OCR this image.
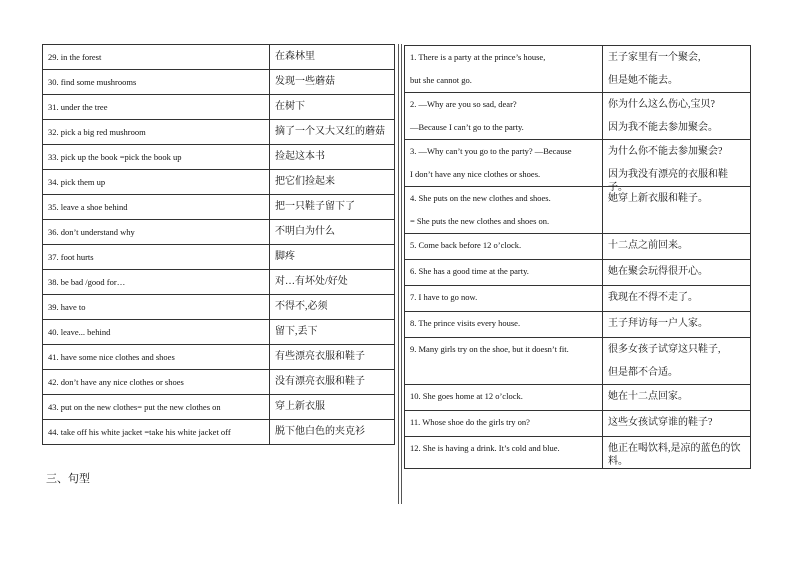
29. in the forest	在森林里
30. find some mushrooms	发现一些蘑菇
31. under the tree	在树下
32. pick a big red mushroom	摘了一个又大又红的蘑菇
33. pick up the book =pick the book up	捡起这本书
34. pick them up	把它们捡起来
35. leave a shoe behind	把一只鞋子留下了
36. don’t understand why	不明白为什么
37. foot hurts	脚疼
38. be bad /good for…	对…有坏处/好处
39. have to	不得不,必须
40. leave... behind	留下,丢下
41. have some nice clothes and shoes	有些漂亮衣服和鞋子
42. don’t have any nice clothes or shoes	没有漂亮衣服和鞋子
43. put on the new clothes= put the new clothes on	穿上新衣服
44. take off his white jacket =take his white jacket off	脱下他白色的夹克衫
三、句型
1. There is a party at the prince’s house,
but she cannot go.	王子家里有一个聚会,
但是她不能去。

2. —Why are you so sad, dear?
—Because I can’t go to the party.	你为什么这么伤心,宝贝?
因为我不能去参加聚会。

3. —Why can’t you go to the party? —Because
I don’t have any nice clothes or shoes.	为什么你不能去参加聚会?
因为我没有漂亮的衣服和鞋子。

4. She puts on the new clothes and shoes.
= She puts the new clothes and shoes on.	她穿上新衣服和鞋子。

5. Come back before 12 o’clock.	十二点之前回来。

6. She has a good time at the party.	她在聚会玩得很开心。

7. I have to go now.	我现在不得不走了。

8. The prince visits every house.	王子拜访每一户人家。

9. Many girls try on the shoe, but it doesn’t fit.	很多女孩子试穿这只鞋子,
但是都不合适。

10. She goes home at 12 o’clock.	她在十二点回家。

11. Whose shoe do the girls try on?	这些女孩试穿谁的鞋子?

12. She is having a drink. It’s cold and blue.	他正在喝饮料,是凉的蓝色的饮料。
